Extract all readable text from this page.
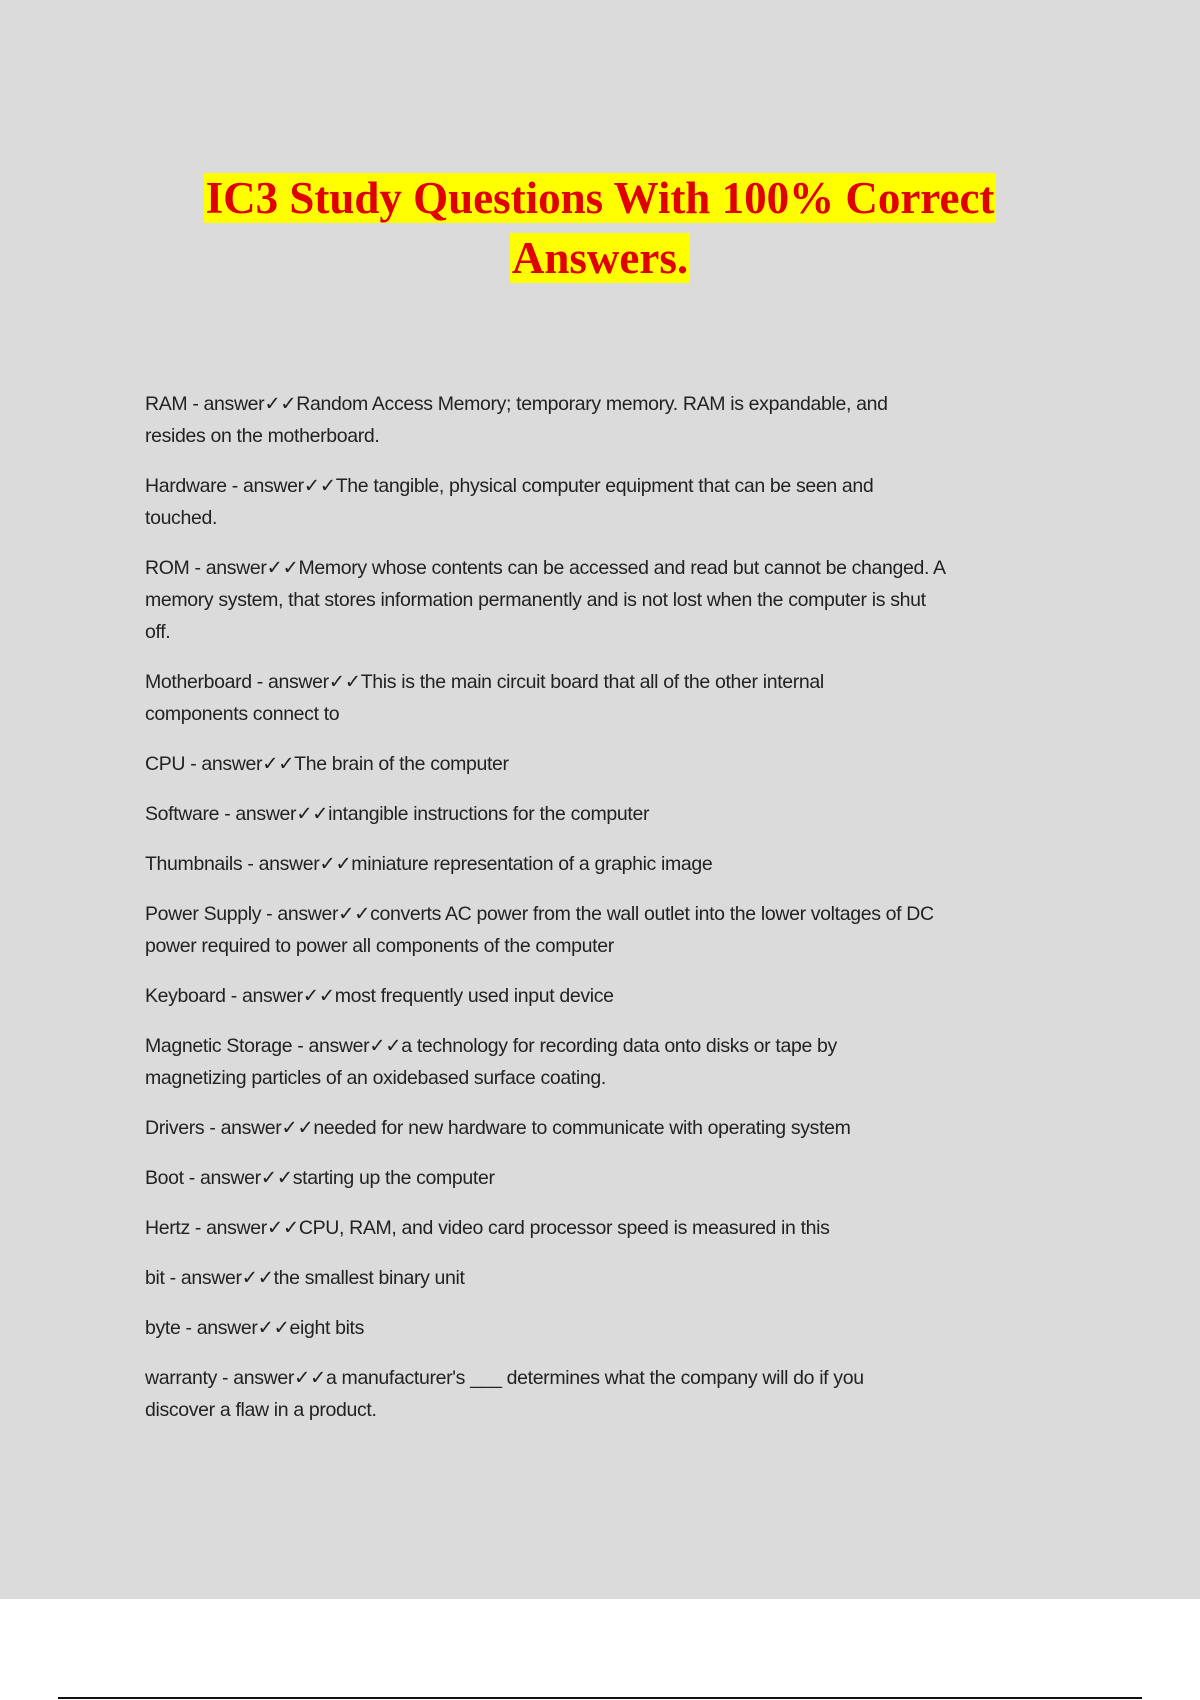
IC3 Study Questions With 100% Correct
Answers.
RAM - answer✓✓Random Access Memory; temporary memory. RAM is expandable, and
resides on the motherboard.
Hardware - answer✓✓The tangible, physical computer equipment that can be seen and
touched.
ROM - answer✓✓Memory whose contents can be accessed and read but cannot be changed. A
memory system, that stores information permanently and is not lost when the computer is shut
off.
Motherboard - answer✓✓This is the main circuit board that all of the other internal
components connect to
CPU - answer✓✓The brain of the computer
Software - answer✓✓intangible instructions for the computer
Thumbnails - answer✓✓miniature representation of a graphic image
Power Supply - answer✓✓converts AC power from the wall outlet into the lower voltages of DC
power required to power all components of the computer
Keyboard - answer✓✓most frequently used input device
Magnetic Storage - answer✓✓a technology for recording data onto disks or tape by
magnetizing particles of an oxidebased surface coating.
Drivers - answer✓✓needed for new hardware to communicate with operating system
Boot - answer✓✓starting up the computer
Hertz - answer✓✓CPU, RAM, and video card processor speed is measured in this
bit - answer✓✓the smallest binary unit
byte - answer✓✓eight bits
warranty - answer✓✓a manufacturer's ___ determines what the company will do if you
discover a flaw in a product.
